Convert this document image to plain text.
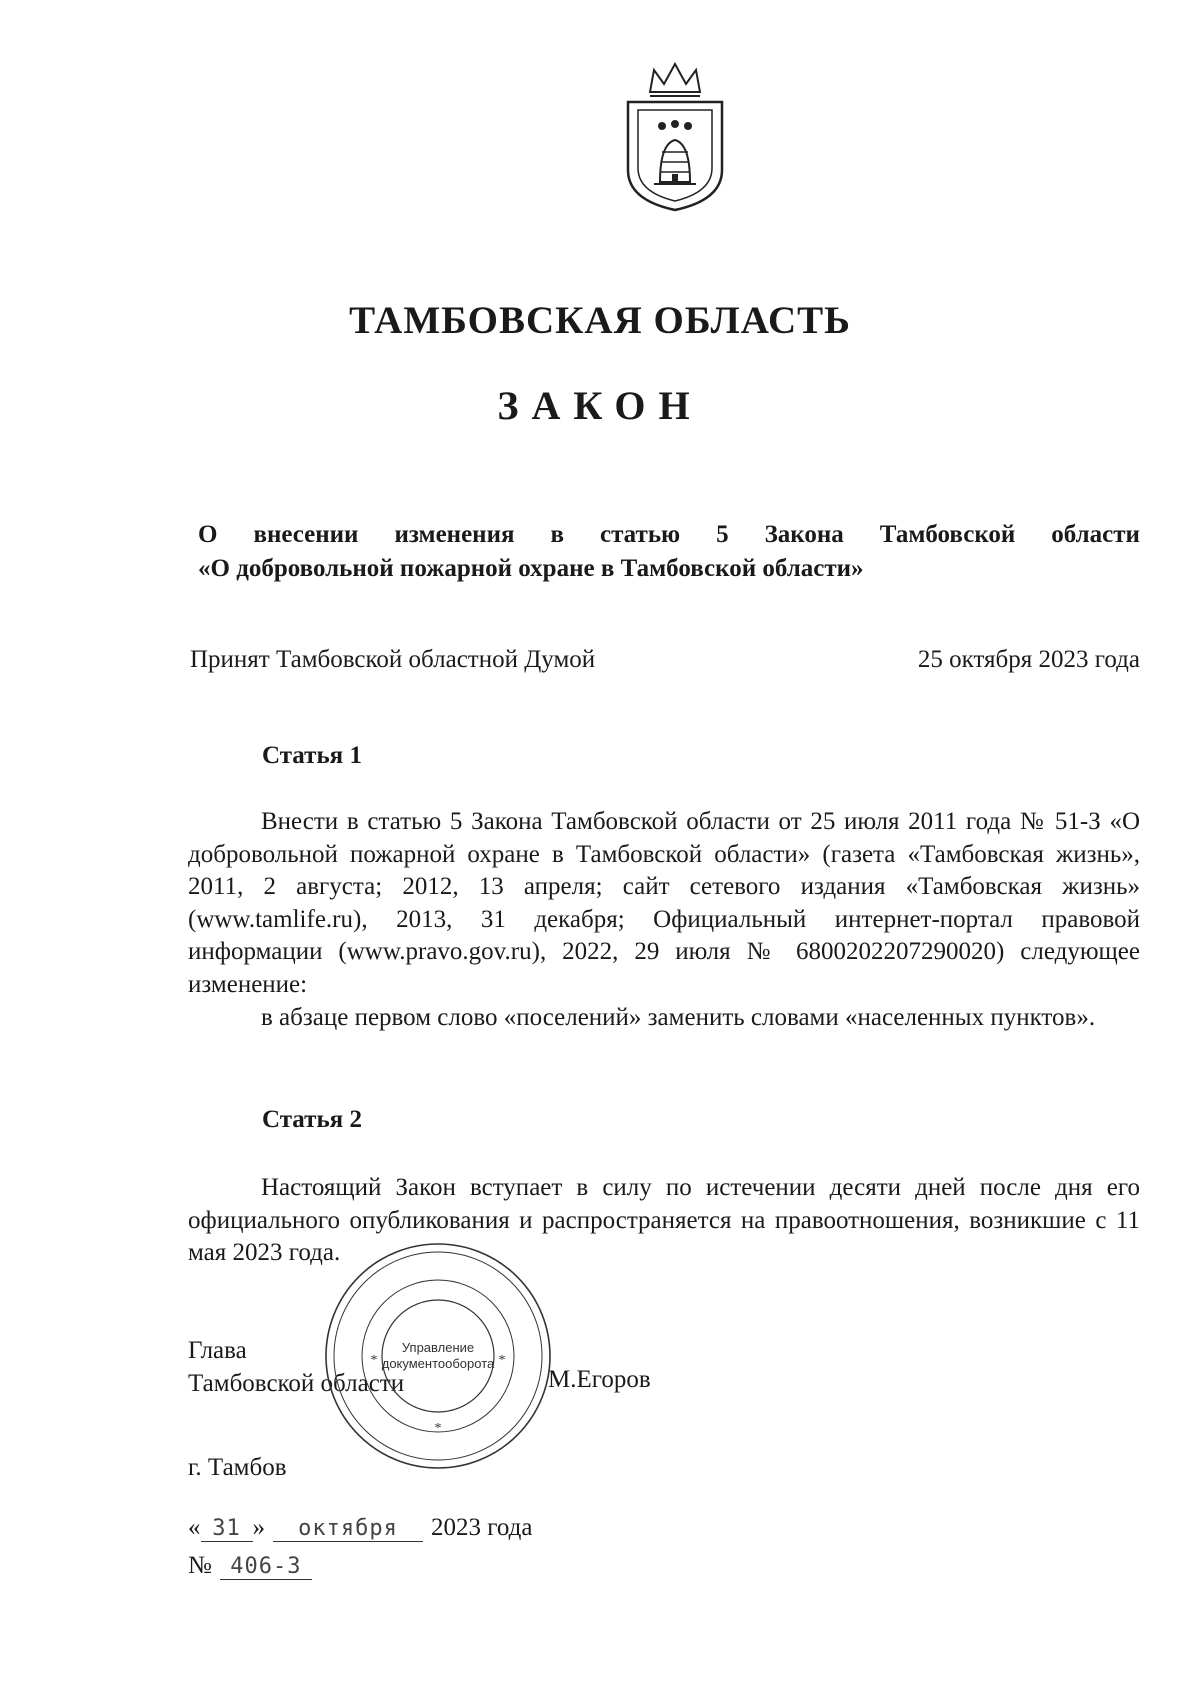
ТАМБОВСКАЯ ОБЛАСТЬ
ЗАКОН
О внесении изменения в статью 5 Закона Тамбовской области
«О добровольной пожарной охране в Тамбовской области»
Принят Тамбовской областной Думой	25 октября 2023 года
Статья 1

Внести в статью 5 Закона Тамбовской области от 25 июля 2011 года № 51-З «О добровольной пожарной охране в Тамбовской области» (газета «Тамбовская жизнь», 2011, 2 августа; 2012, 13 апреля; сайт сетевого издания «Тамбовская жизнь» (www.tamlife.ru), 2013, 31 декабря; Официальный интернет-портал правовой информации (www.pravo.gov.ru), 2022, 29 июля № 6800202207290020) следующее изменение:

в абзаце первом слово «поселений» заменить словами «населенных пунктов».

Статья 2

Настоящий Закон вступает в силу по истечении десяти дней после дня его официального опубликования и распространяется на правоотношения, возникшие с 11 мая 2023 года.

Глава
Тамбовской области	М.Егоров
Управление
документооборота
*
*	*
г. Тамбов
« 31 »	октября	2023 года
№ 406-З
